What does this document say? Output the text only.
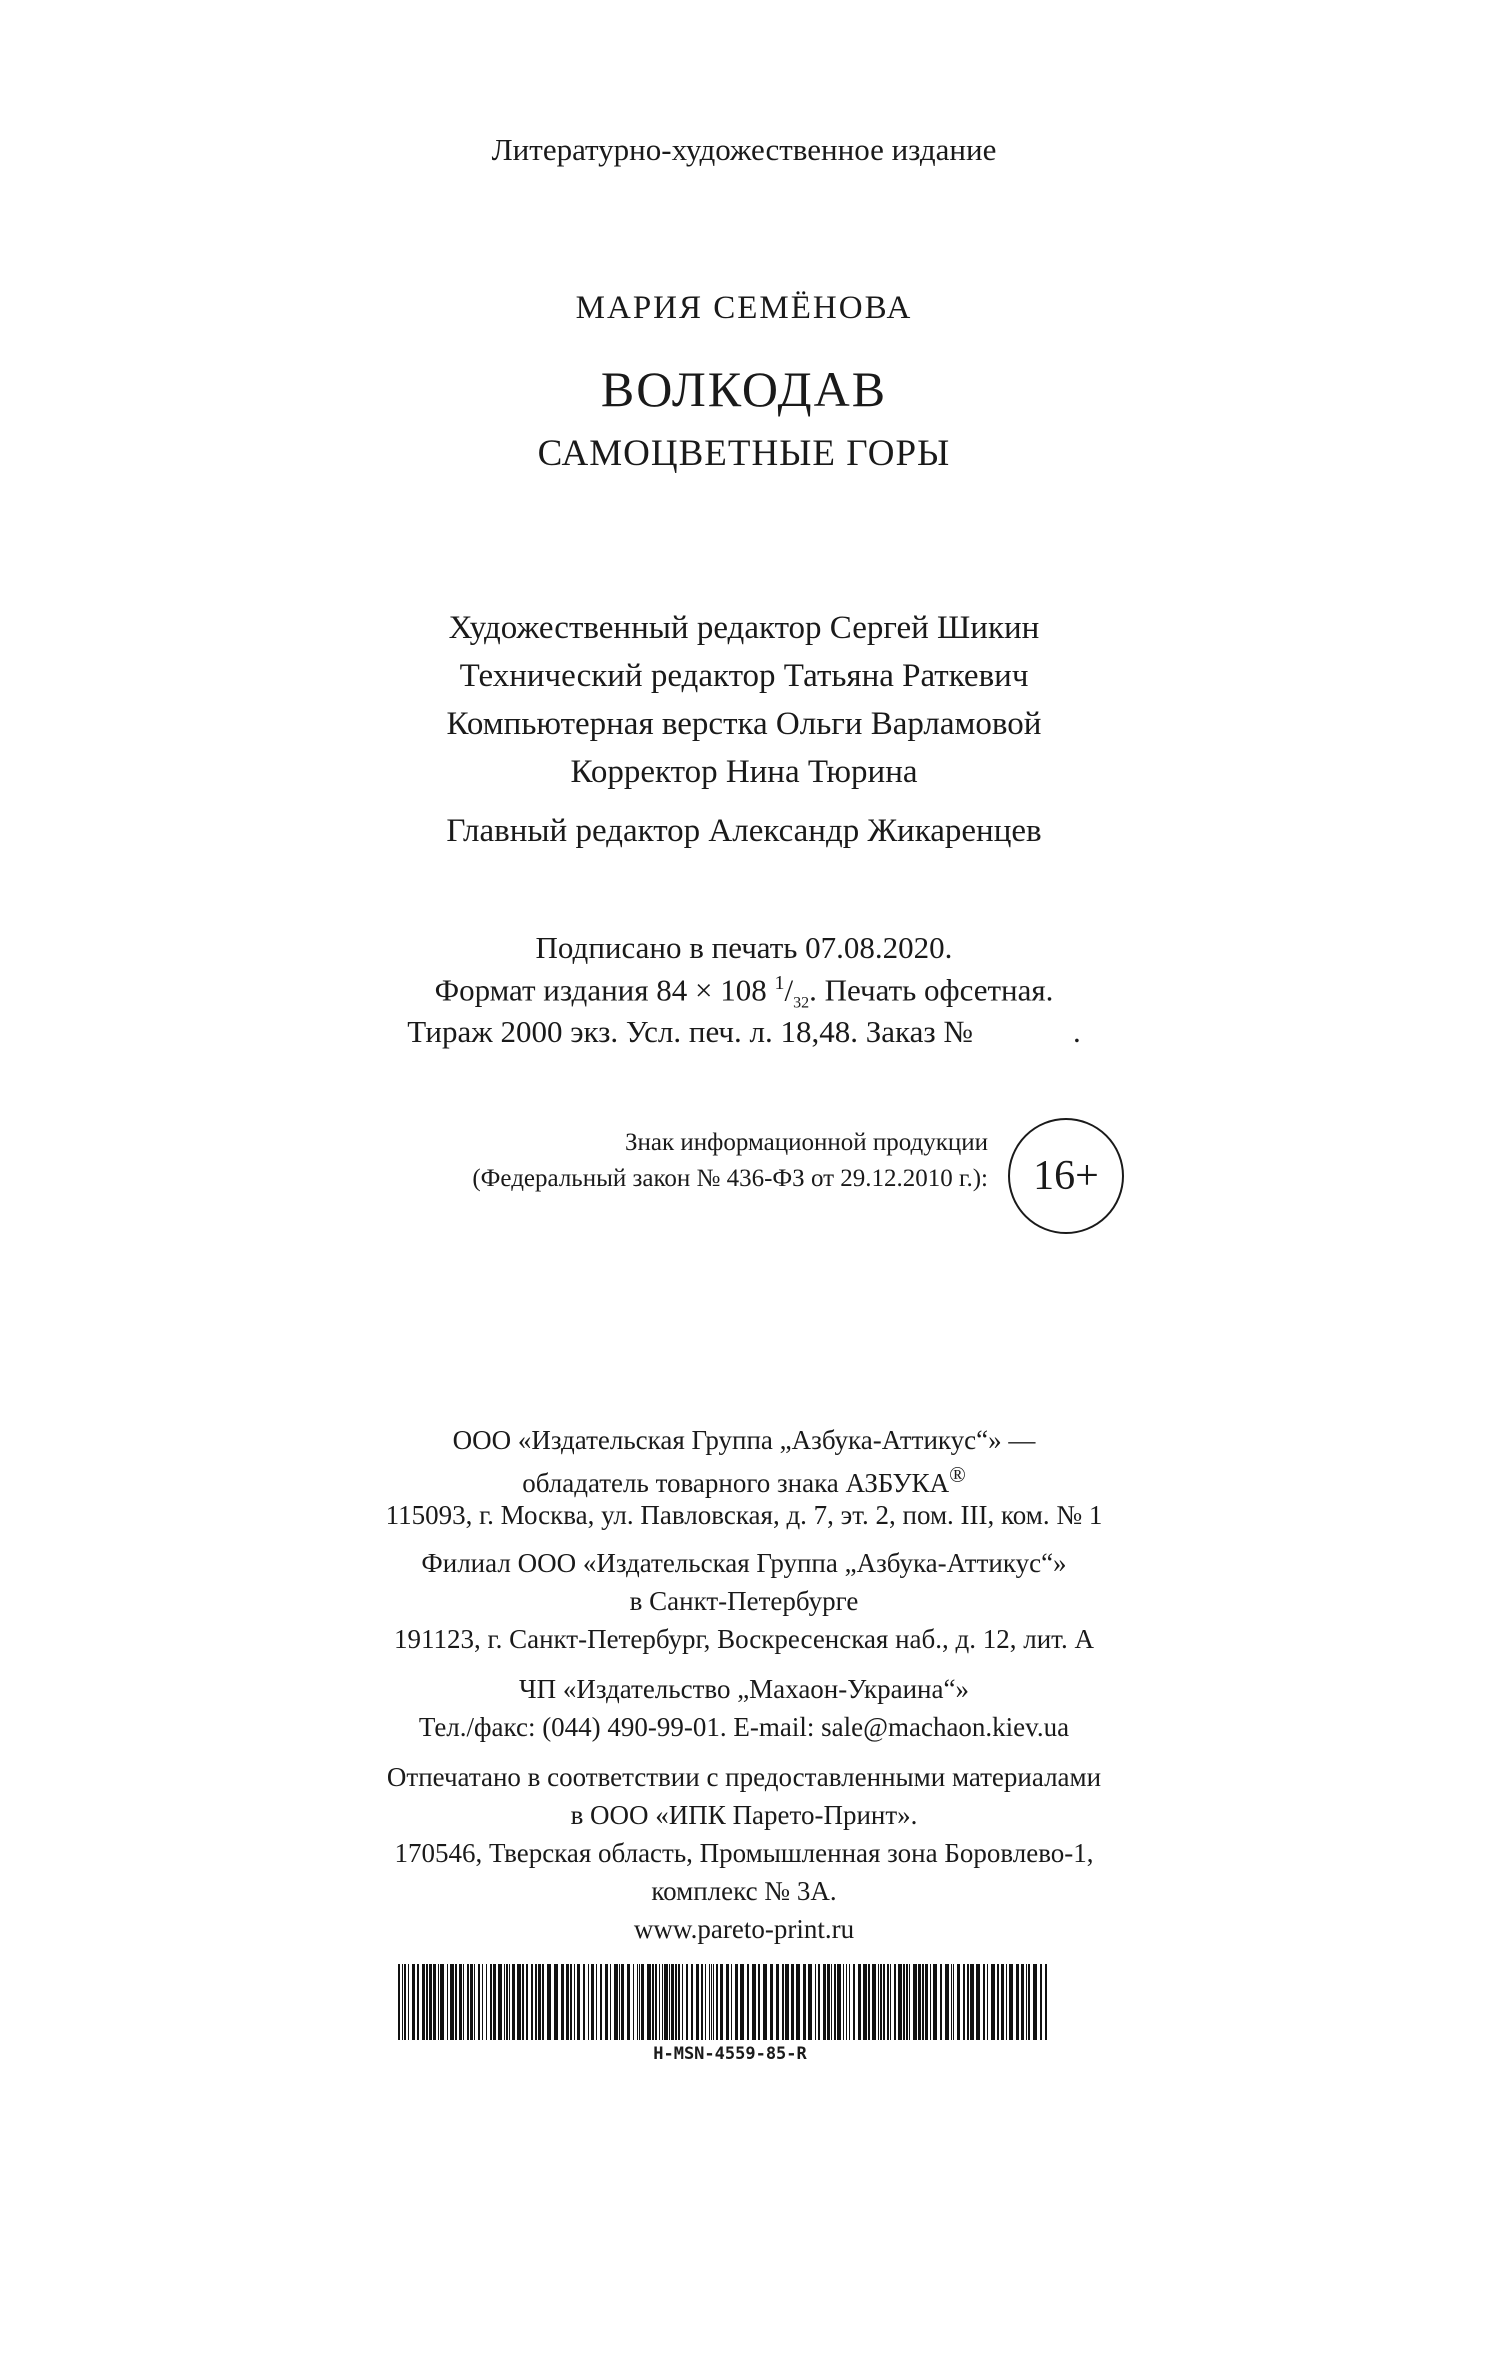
Литературно-художественное издание
МАРИЯ СЕМЁНОВА
ВОЛКОДАВ
САМОЦВЕТНЫЕ ГОРЫ
Художественный редактор Сергей Шикин
Технический редактор Татьяна Раткевич
Компьютерная верстка Ольги Варламовой
Корректор Нина Тюрина
Главный редактор Александр Жикаренцев
Подписано в печать 07.08.2020.
Формат издания 84 × 108 $^1/_{32}$. Печать офсетная.
Тираж 2000 экз. Усл. печ. л. 18,48. Заказ №	.
Знак информационной продукции
(Федеральный закон № 436-ФЗ от 29.12.2010 г.): 16+
ООО «Издательская Группа „Азбука-Аттикус“» —
обладатель товарного знака АЗБУКА®
115093, г. Москва, ул. Павловская, д. 7, эт. 2, пом. III, ком. № 1
Филиал ООО «Издательская Группа „Азбука-Аттикус“»
в Санкт-Петербурге
191123, г. Санкт-Петербург, Воскресенская наб., д. 12, лит. А
ЧП «Издательство „Махаон-Украина“»
Тел./факс: (044) 490-99-01. E-mail: sale@machaon.kiev.ua
Отпечатано в соответствии с предоставленными материалами
в ООО «ИПК Парето-Принт».
170546, Тверская область, Промышленная зона Боровлево-1,
комплекс № 3А.
www.pareto-print.ru
H-MSN-4559-85-R
